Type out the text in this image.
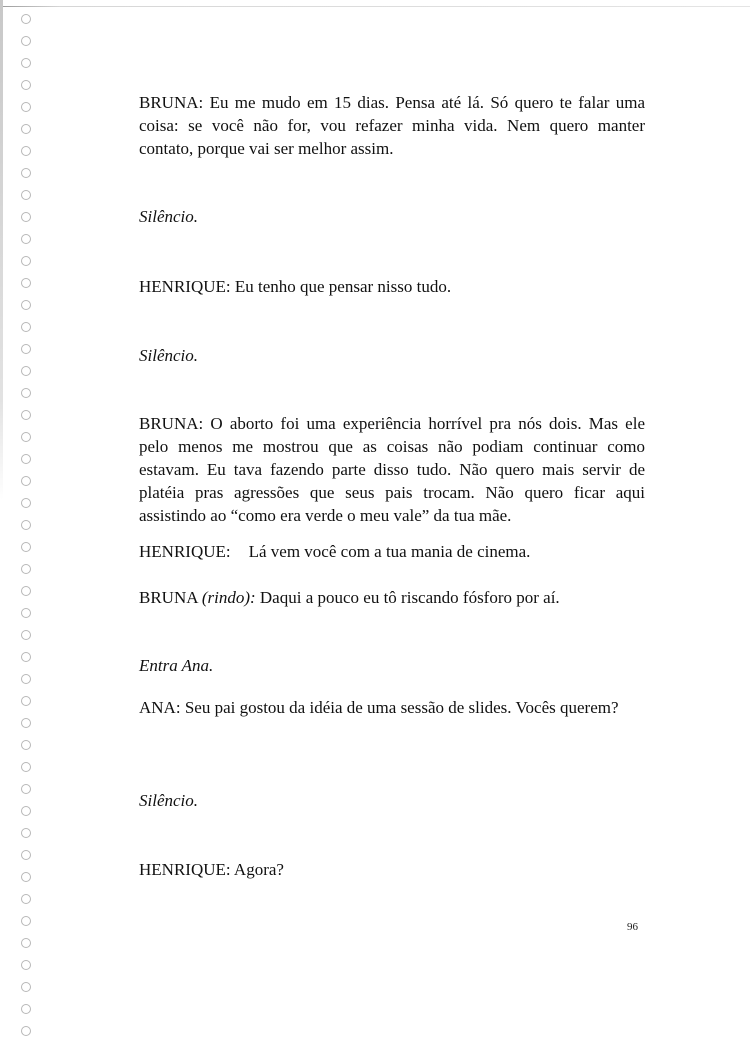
BRUNA: Eu me mudo em 15 dias. Pensa até lá. Só quero te falar uma coisa: se você não for, vou refazer minha vida. Nem quero manter contato, porque vai ser melhor assim.

Silêncio.

HENRIQUE: Eu tenho que pensar nisso tudo.

Silêncio.

BRUNA: O aborto foi uma experiência horrível pra nós dois. Mas ele pelo menos me mostrou que as coisas não podiam continuar como estavam. Eu tava fazendo parte disso tudo. Não quero mais servir de platéia pras agressões que seus pais trocam. Não quero ficar aqui assistindo ao “como era verde o meu vale” da tua mãe.

HENRIQUE: Lá vem você com a tua mania de cinema.

BRUNA (rindo): Daqui a pouco eu tô riscando fósforo por aí.

Entra Ana.

ANA: Seu pai gostou da idéia de uma sessão de slides. Vocês querem?

Silêncio.

HENRIQUE: Agora?

96
